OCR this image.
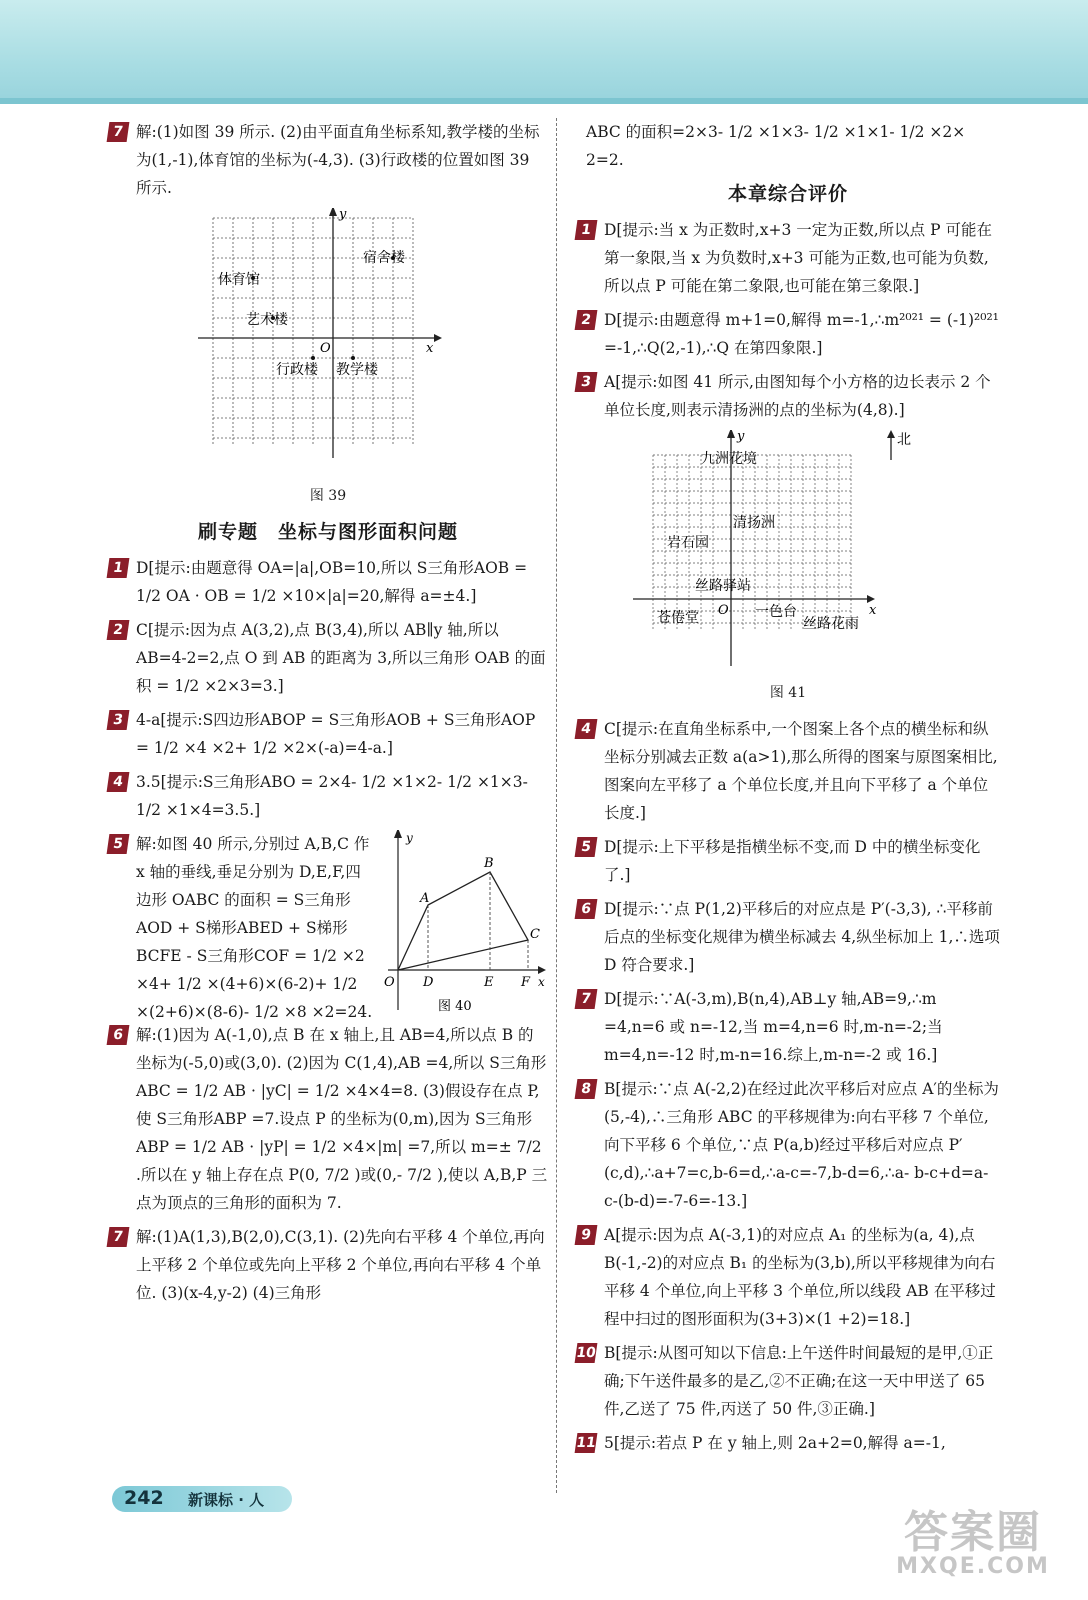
7 解:(1)如图 39 所示. (2)由平面直角坐标系知,教学楼的坐标为(1,-1),体育馆的坐标为(-4,3). (3)行政楼的位置如图 39 所示.
宿舍楼
体育馆
艺术楼
行政楼 教学楼
O	x
y
图 39
刷专题　坐标与图形面积问题
1 D[提示:由题意得 OA=|a|,OB=10,所以 S三角形AOB = 1/2 OA · OB = 1/2 ×10×|a|=20,解得 a=±4.]
2 C[提示:因为点 A(3,2),点 B(3,4),所以 AB∥y 轴,所以 AB=4-2=2,点 O 到 AB 的距离为 3,所以三角形 OAB 的面积 = 1/2 ×2×3=3.]
3 4-a[提示:S四边形ABOP = S三角形AOB + S三角形AOP = 1/2 ×4 ×2+ 1/2 ×2×(-a)=4-a.]
4 3.5[提示:S三角形ABO = 2×4- 1/2 ×1×2- 1/2 ×1×3- 1/2 ×1×4=3.5.]
5 解:如图 40 所示,分别过 A,B,C 作 x 轴的垂线,垂足分别为 D,E,F,四边形 OABC 的面积 = S三角形AOD + S梯形ABED + S梯形BCFE - S三角形COF = 1/2 ×2 ×4+ 1/2 ×(4+6)×(6-2)+ 1/2 ×(2+6)×(8-6)- 1/2 ×8 ×2=24.
A
B
C
D	E F
O	x
y
图 40
6 解:(1)因为 A(-1,0),点 B 在 x 轴上,且 AB=4,所以点 B 的坐标为(-5,0)或(3,0). (2)因为 C(1,4),AB =4,所以 S三角形ABC = 1/2 AB · |yC| = 1/2 ×4×4=8. (3)假设存在点 P,使 S三角形ABP =7.设点 P 的坐标为(0,m),因为 S三角形ABP = 1/2 AB · |yP| = 1/2 ×4×|m| =7,所以 m=± 7/2 .所以在 y 轴上存在点 P(0, 7/2 )或(0,- 7/2 ),使以 A,B,P 三点为顶点的三角形的面积为 7.
7 解:(1)A(1,3),B(2,0),C(3,1). (2)先向右平移 4 个单位,再向上平移 2 个单位或先向上平移 2 个单位,再向右平移 4 个单位. (3)(x-4,y-2) (4)三角形
ABC 的面积=2×3- 1/2 ×1×3- 1/2 ×1×1- 1/2 ×2× 2=2.
本章综合评价
1 D[提示:当 x 为正数时,x+3 一定为正数,所以点 P 可能在第一象限,当 x 为负数时,x+3 可能为正数,也可能为负数,所以点 P 可能在第二象限,也可能在第三象限.]
2 D[提示:由题意得 m+1=0,解得 m=-1,∴m²⁰²¹ = (-1)²⁰²¹ =-1,∴Q(2,-1),∴Q 在第四象限.]
3 A[提示:如图 41 所示,由图知每个小方格的边长表示 2 个单位长度,则表示清扬洲的点的坐标为(4,8).]
北
九洲花境
清扬洲
岩石园
丝路驿站
苍倦堂	一色台
丝路花雨
O	x
y
图 41
4 C[提示:在直角坐标系中,一个图案上各个点的横坐标和纵坐标分别减去正数 a(a>1),那么所得的图案与原图案相比,图案向左平移了 a 个单位长度,并且向下平移了 a 个单位长度.]
5 D[提示:上下平移是指横坐标不变,而 D 中的横坐标变化了.]
6 D[提示:∵点 P(1,2)平移后的对应点是 P′(-3,3), ∴平移前后点的坐标变化规律为横坐标减去 4,纵坐标加上 1,∴选项 D 符合要求.]
7 D[提示:∵A(-3,m),B(n,4),AB⊥y 轴,AB=9,∴m =4,n=6 或 n=-12,当 m=4,n=6 时,m-n=-2;当 m=4,n=-12 时,m-n=16.综上,m-n=-2 或 16.]
8 B[提示:∵点 A(-2,2)在经过此次平移后对应点 A′的坐标为(5,-4),∴三角形 ABC 的平移规律为:向右平移 7 个单位,向下平移 6 个单位,∵点 P(a,b)经过平移后对应点 P′(c,d),∴a+7=c,b-6=d,∴a-c=-7,b-d=6,∴a- b-c+d=a-c-(b-d)=-7-6=-13.]
9 A[提示:因为点 A(-3,1)的对应点 A₁ 的坐标为(a, 4),点 B(-1,-2)的对应点 B₁ 的坐标为(3,b),所以平移规律为向右平移 4 个单位,向上平移 3 个单位,所以线段 AB 在平移过程中扫过的图形面积为(3+3)×(1 +2)=18.]
10 B[提示:从图可知以下信息:上午送件时间最短的是甲,①正确;下午送件最多的是乙,②不正确;在这一天中甲送了 65 件,乙送了 75 件,丙送了 50 件,③正确.]
11 5[提示:若点 P 在 y 轴上,则 2a+2=0,解得 a=-1,
242 新课标 · 人
答案圈
MXQE.COM
